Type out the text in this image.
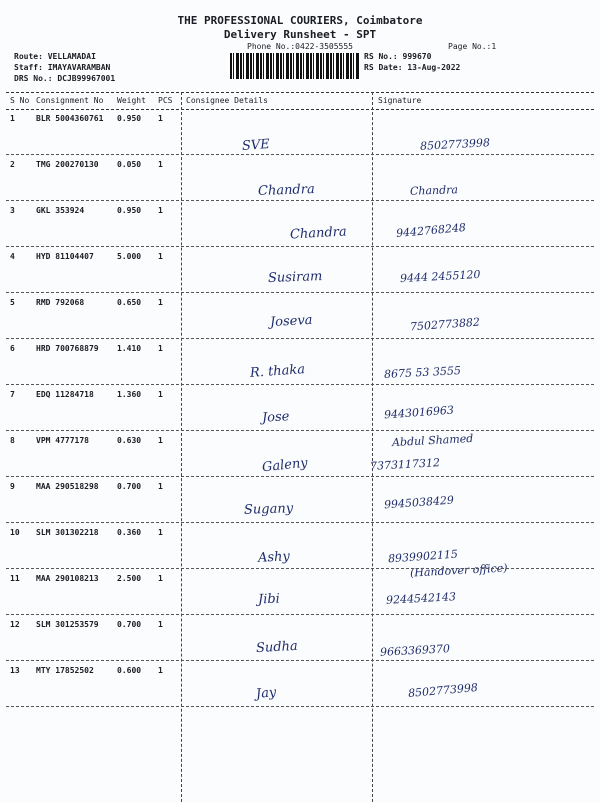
THE PROFESSIONAL COURIERS, Coimbatore
Delivery Runsheet - SPT
Phone No.:0422-3505555	Page No.:1
Route: VELLAMADAI
Staff: IMAYAVARAMBAN
DRS No.: DCJB99967001
RS No.: 999670
RS Date: 13-Aug-2022
S No Consignment No Weight PCS Consignee Details	Signature
1	BLR 5004360761 0.950 1
SVE	8502773998
2	TMG 200270130 0.050 1
Chandra	Chandra
3	GKL 353924	0.950 1
Chandra	9442768248
4	HYD 81104407	5.000 1
Susiram	9444 2455120
5	RMD 792068	0.650 1
Joseva	7502773882
6	HRD 700768879 1.410 1
R. thaka	8675 53 3555
7	EDQ 11284718	1.360 1
Jose	9443016963
8	VPM 4777178	0.630 1
Galeny	7373117312
Abdul Shamed
9	MAA 290518298 0.700 1
Sugany	9945038429
10 SLM 301302218 0.360 1
Ashy	8939902115
(Handover office)
11 MAA 290108213 2.500 1
Jibi	9244542143
12 SLM 301253579 0.700 1
Sudha	9663369370
13 MTY 17852502	0.600 1
Jay	8502773998
